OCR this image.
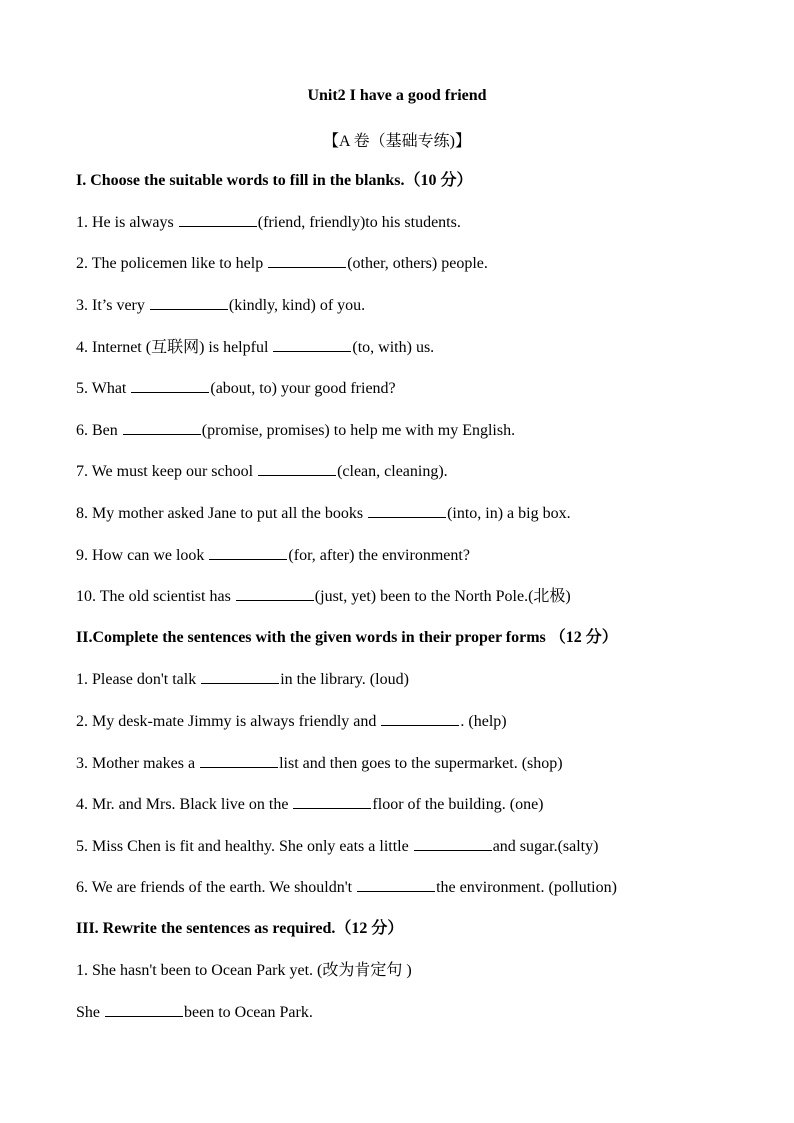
Unit2 I have a good friend
【A 卷（基础专练)】
I. Choose the suitable words to fill in the blanks.（10 分）
1. He is always	(friend, friendly)to his students.
2. The policemen like to help	(other, others) people.
3. It’s very	(kindly, kind) of you.
4. Internet (互联网) is helpful	(to, with) us.
5. What	(about, to) your good friend?
6. Ben	(promise, promises) to help me with my English.
7. We must keep our school	(clean, cleaning).
8. My mother asked Jane to put all the books	(into, in) a big box.
9. How can we look	(for, after) the environment?
10. The old scientist has	(just, yet) been to the North Pole.(北极)
II.Complete the sentences with the given words in their proper forms （12 分）
1. Please don't talk	in the library. (loud)
2. My desk-mate Jimmy is always friendly and	. (help)
3. Mother makes a	list and then goes to the supermarket. (shop)
4. Mr. and Mrs. Black live on the	floor of the building. (one)
5. Miss Chen is fit and healthy. She only eats a little	and sugar.(salty)
6. We are friends of the earth. We shouldn't	the environment. (pollution)
III. Rewrite the sentences as required.（12 分）
1. She hasn't been to Ocean Park yet. (改为肯定句 )
She	been to Ocean Park.
